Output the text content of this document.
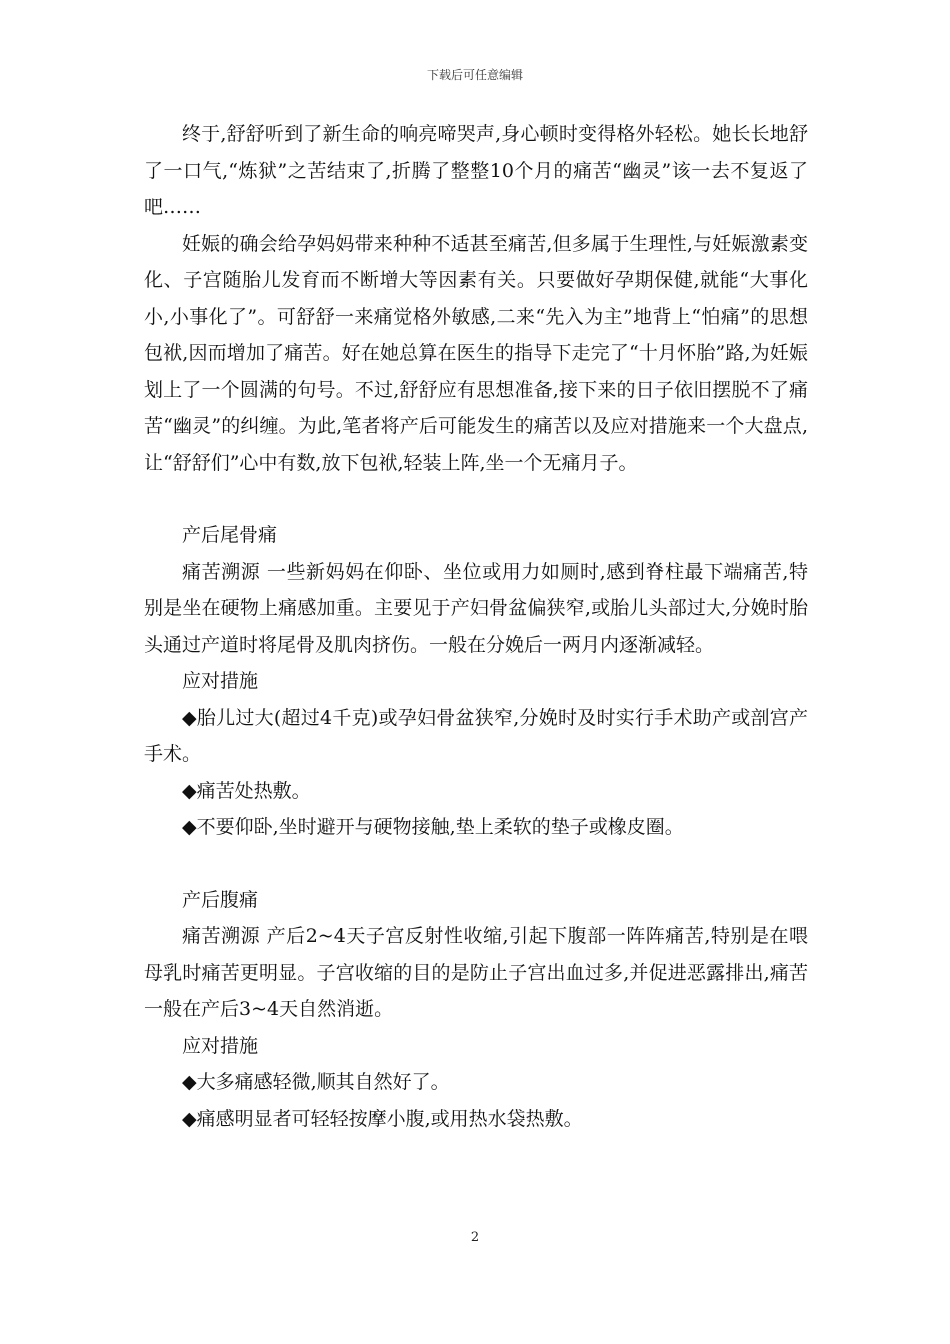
下载后可任意编辑

终于,舒舒听到了新生命的响亮啼哭声,身心顿时变得格外轻松。她长长地舒了一口气,“炼狱”之苦结束了,折腾了整整10个月的痛苦“幽灵”该一去不复返了吧……

妊娠的确会给孕妈妈带来种种不适甚至痛苦,但多属于生理性,与妊娠激素变化、子宫随胎儿发育而不断增大等因素有关。只要做好孕期保健,就能“大事化小,小事化了”。可舒舒一来痛觉格外敏感,二来“先入为主”地背上“怕痛”的思想包袱,因而增加了痛苦。好在她总算在医生的指导下走完了“十月怀胎”路,为妊娠划上了一个圆满的句号。不过,舒舒应有思想准备,接下来的日子依旧摆脱不了痛苦“幽灵”的纠缠。为此,笔者将产后可能发生的痛苦以及应对措施来一个大盘点,让“舒舒们”心中有数,放下包袱,轻装上阵,坐一个无痛月子。

产后尾骨痛

痛苦溯源 一些新妈妈在仰卧、坐位或用力如厕时,感到脊柱最下端痛苦,特别是坐在硬物上痛感加重。主要见于产妇骨盆偏狭窄,或胎儿头部过大,分娩时胎头通过产道时将尾骨及肌肉挤伤。一般在分娩后一两月内逐渐减轻。

应对措施

◆胎儿过大(超过4千克)或孕妇骨盆狭窄,分娩时及时实行手术助产或剖宫产手术。

◆痛苦处热敷。

◆不要仰卧,坐时避开与硬物接触,垫上柔软的垫子或橡皮圈。

产后腹痛

痛苦溯源 产后2~4天子宫反射性收缩,引起下腹部一阵阵痛苦,特别是在喂母乳时痛苦更明显。子宫收缩的目的是防止子宫出血过多,并促进恶露排出,痛苦一般在产后3~4天自然消逝。

应对措施

◆大多痛感轻微,顺其自然好了。

◆痛感明显者可轻轻按摩小腹,或用热水袋热敷。

2
